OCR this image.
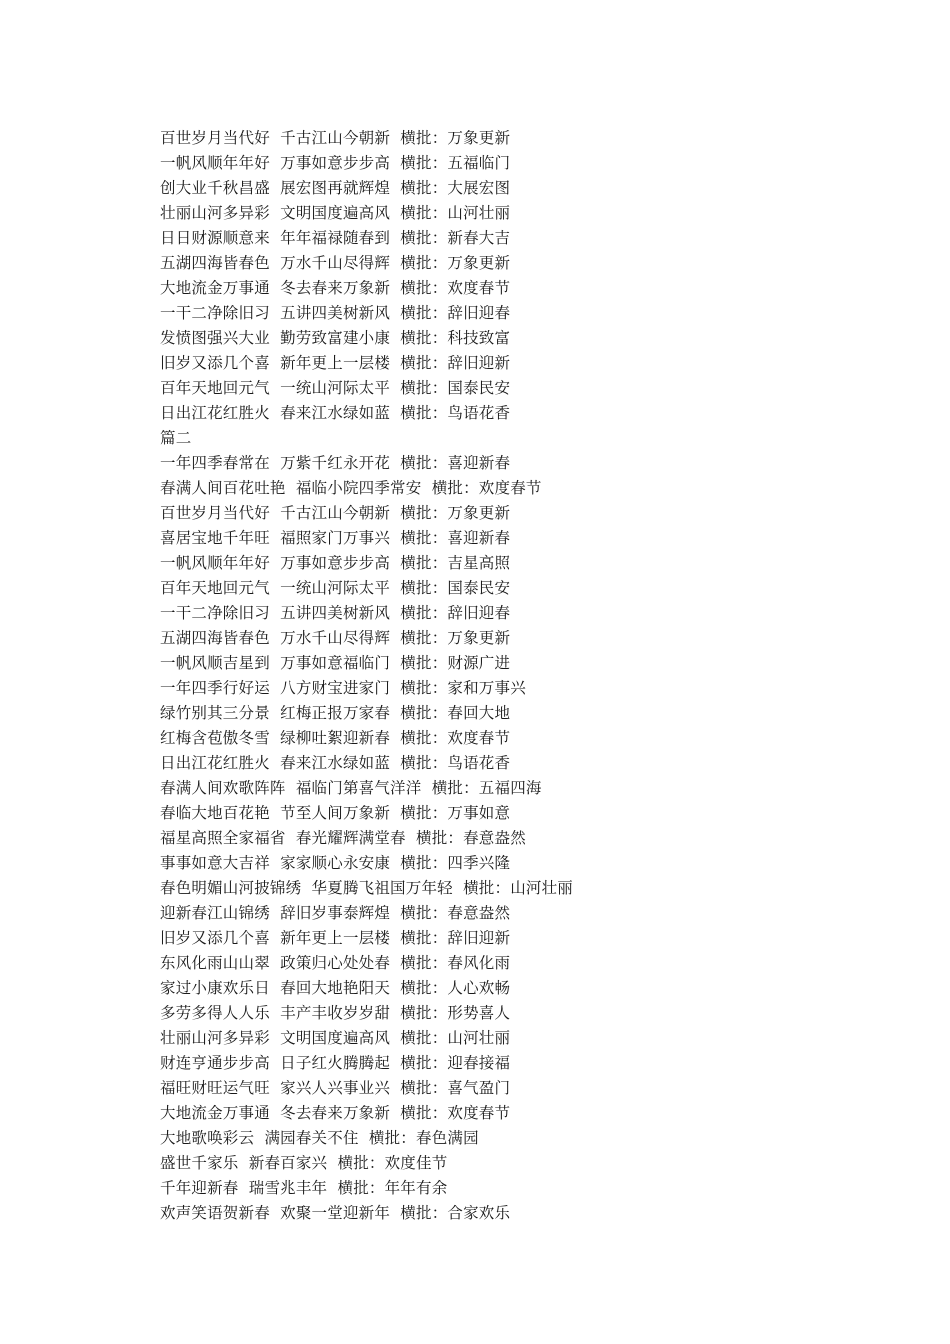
百世岁月当代好  千古江山今朝新  横批：万象更新
一帆风顺年年好  万事如意步步高  横批：五福临门
创大业千秋昌盛  展宏图再就辉煌  横批：大展宏图
壮丽山河多异彩  文明国度遍高风  横批：山河壮丽
日日财源顺意来  年年福禄随春到  横批：新春大吉
五湖四海皆春色  万水千山尽得辉  横批：万象更新
大地流金万事通  冬去春来万象新  横批：欢度春节
一干二净除旧习  五讲四美树新风  横批：辞旧迎春
发愤图强兴大业  勤劳致富建小康  横批：科技致富
旧岁又添几个喜  新年更上一层楼  横批：辞旧迎新
百年天地回元气  一统山河际太平  横批：国泰民安
日出江花红胜火  春来江水绿如蓝  横批：鸟语花香
篇二
一年四季春常在  万紫千红永开花  横批：喜迎新春
春满人间百花吐艳  福临小院四季常安  横批：欢度春节
百世岁月当代好  千古江山今朝新  横批：万象更新
喜居宝地千年旺  福照家门万事兴  横批：喜迎新春
一帆风顺年年好  万事如意步步高  横批：吉星高照
百年天地回元气  一统山河际太平  横批：国泰民安
一干二净除旧习  五讲四美树新风  横批：辞旧迎春
五湖四海皆春色  万水千山尽得辉  横批：万象更新
一帆风顺吉星到  万事如意福临门  横批：财源广进
一年四季行好运  八方财宝进家门  横批：家和万事兴
绿竹别其三分景  红梅正报万家春  横批：春回大地
红梅含苞傲冬雪  绿柳吐絮迎新春  横批：欢度春节
日出江花红胜火  春来江水绿如蓝  横批：鸟语花香
春满人间欢歌阵阵  福临门第喜气洋洋  横批：五福四海
春临大地百花艳  节至人间万象新  横批：万事如意
福星高照全家福省  春光耀辉满堂春  横批：春意盎然
事事如意大吉祥  家家顺心永安康  横批：四季兴隆
春色明媚山河披锦绣  华夏腾飞祖国万年轻  横批：山河壮丽
迎新春江山锦绣  辞旧岁事泰辉煌  横批：春意盎然
旧岁又添几个喜  新年更上一层楼  横批：辞旧迎新
东风化雨山山翠  政策归心处处春  横批：春风化雨
家过小康欢乐日  春回大地艳阳天  横批：人心欢畅
多劳多得人人乐  丰产丰收岁岁甜  横批：形势喜人
壮丽山河多异彩  文明国度遍高风  横批：山河壮丽
财连亨通步步高  日子红火腾腾起  横批：迎春接福
福旺财旺运气旺  家兴人兴事业兴  横批：喜气盈门
大地流金万事通  冬去春来万象新  横批：欢度春节
大地歌唤彩云  满园春关不住  横批：春色满园
盛世千家乐  新春百家兴  横批：欢度佳节
千年迎新春  瑞雪兆丰年  横批：年年有余
欢声笑语贺新春  欢聚一堂迎新年  横批：合家欢乐
